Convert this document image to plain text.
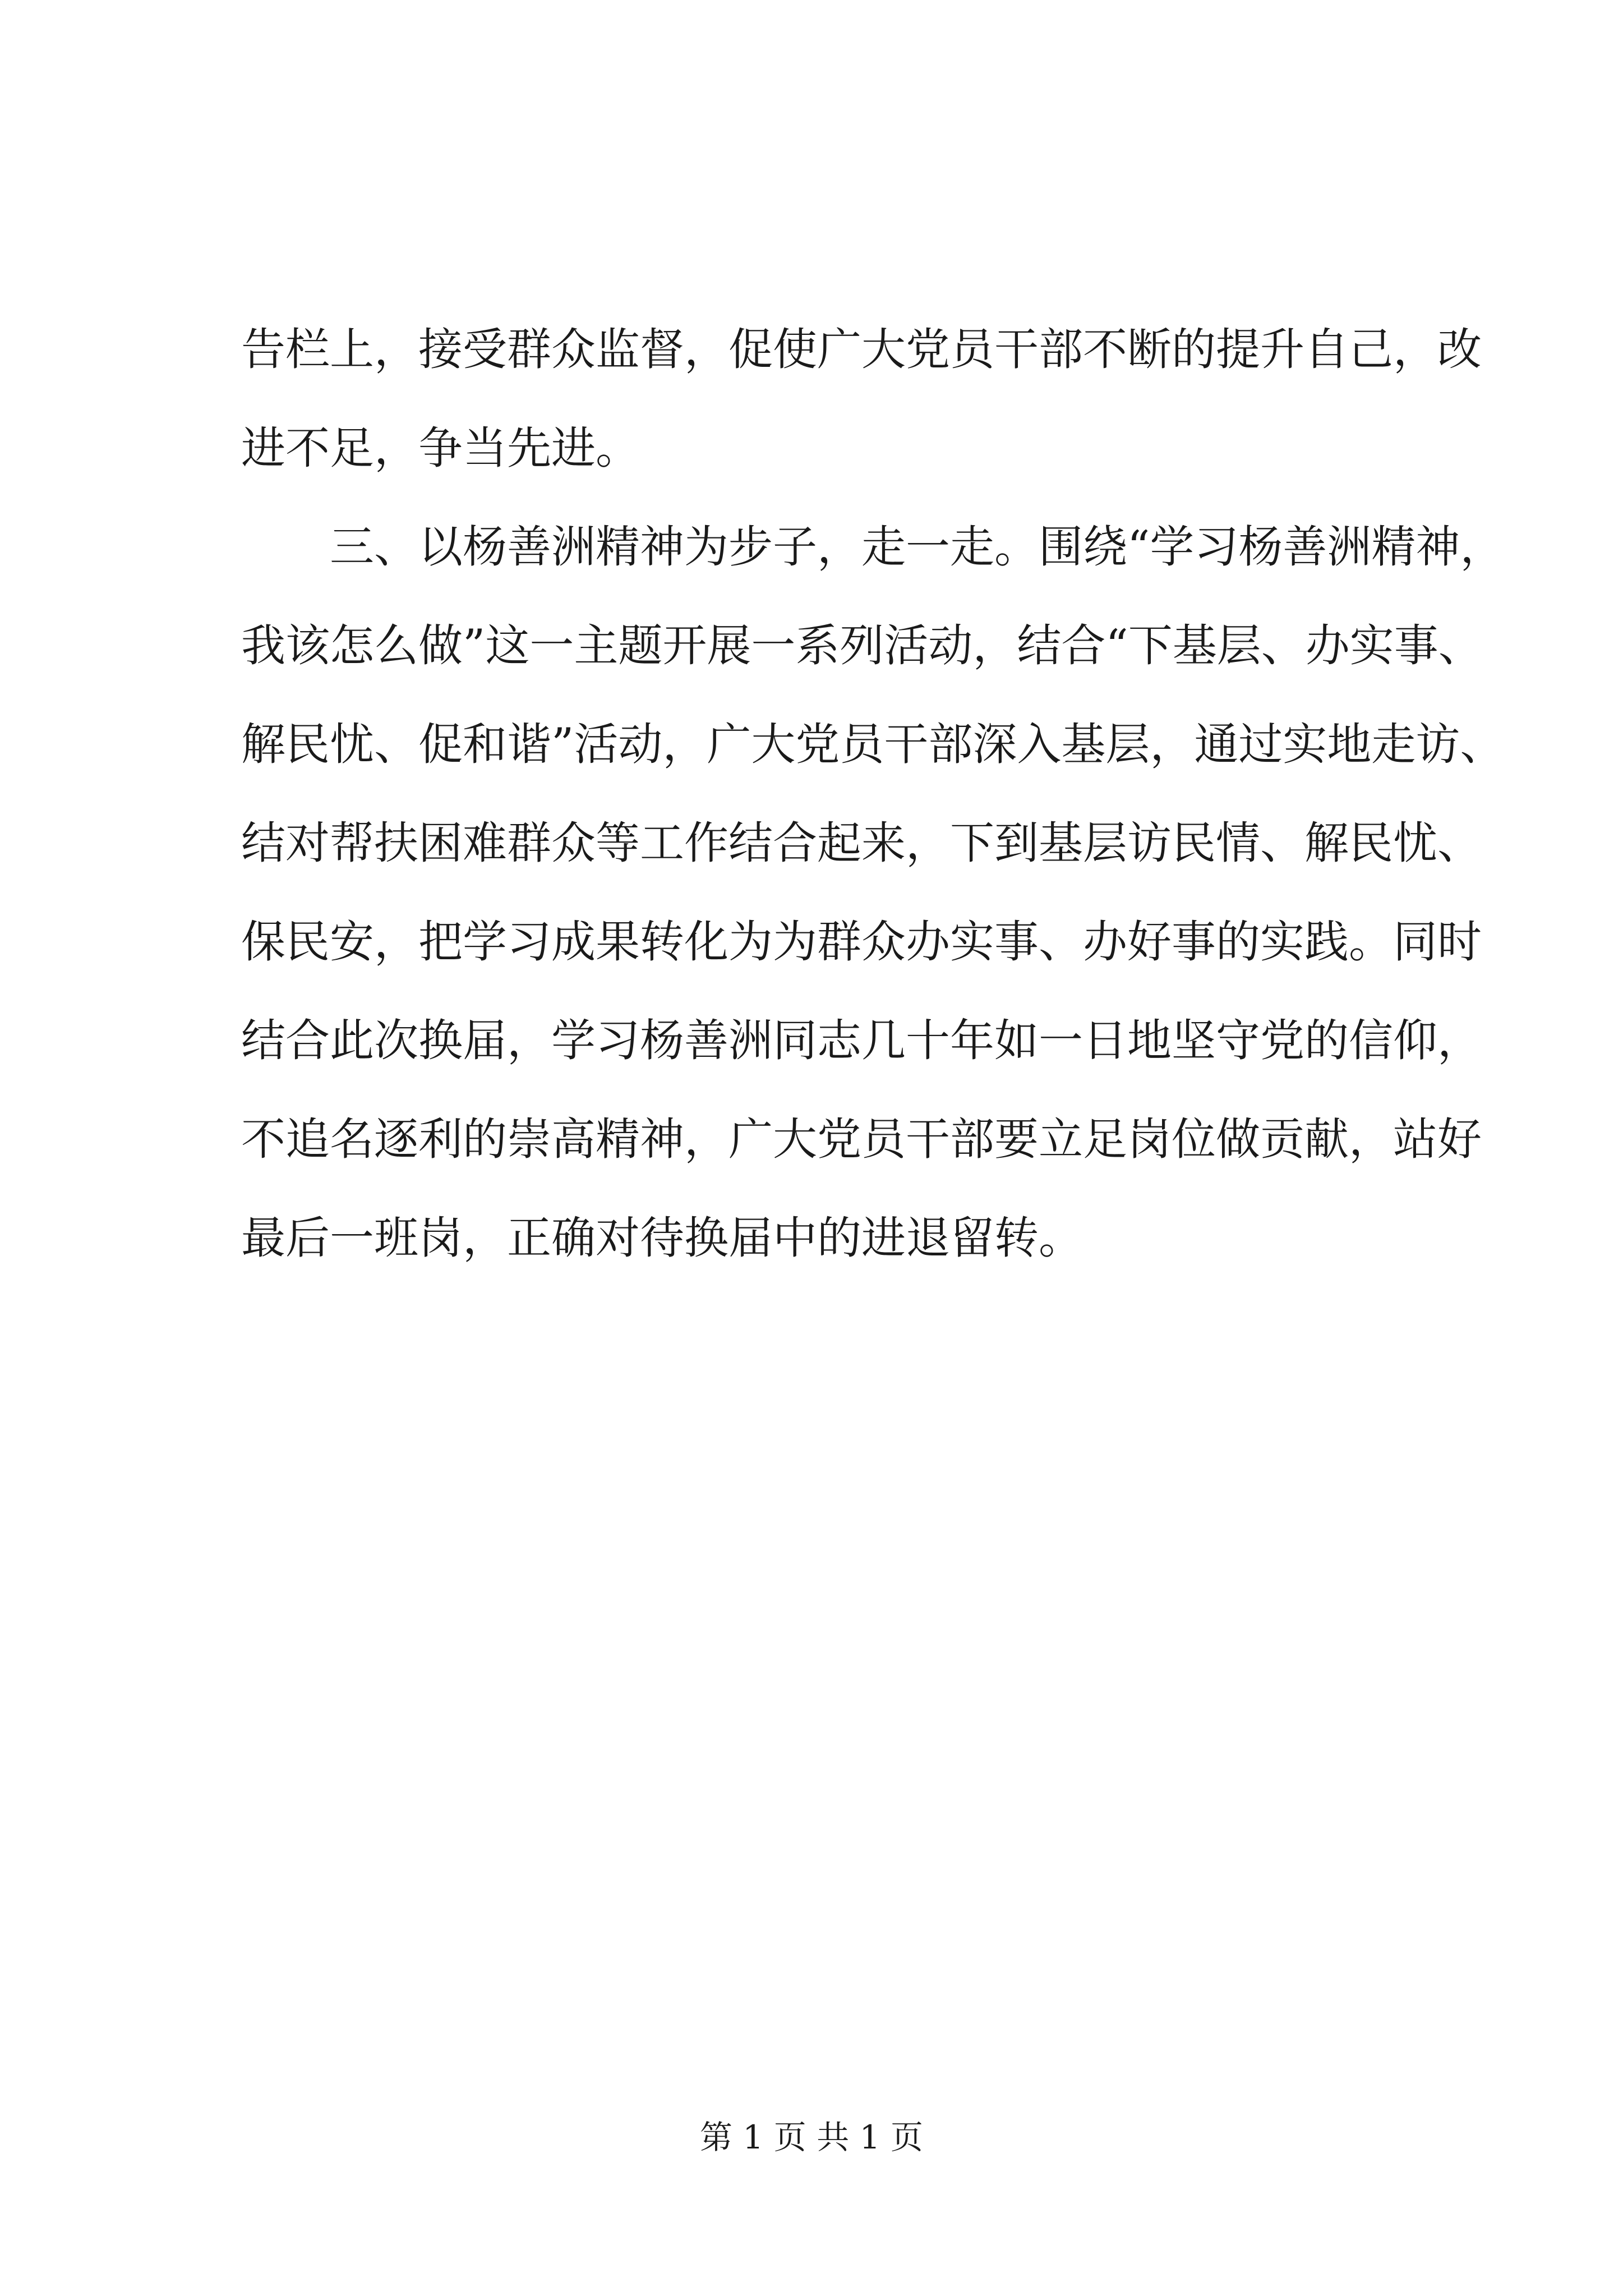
告栏上，接受群众监督，促使广大党员干部不断的提升自己，改
进不足，争当先进。
三、以杨善洲精神为步子，走一走。围绕“学习杨善洲精神，
我该怎么做”这一主题开展一系列活动，结合“下基层、办实事、
解民忧、促和谐”活动，广大党员干部深入基层，通过实地走访、
结对帮扶困难群众等工作结合起来，下到基层访民情、解民忧、
保民安，把学习成果转化为为群众办实事、办好事的实践。同时
结合此次换届，学习杨善洲同志几十年如一日地坚守党的信仰，
不追名逐利的崇高精神，广大党员干部要立足岗位做贡献，站好
最后一班岗，正确对待换届中的进退留转。
第 1 页 共 1 页
